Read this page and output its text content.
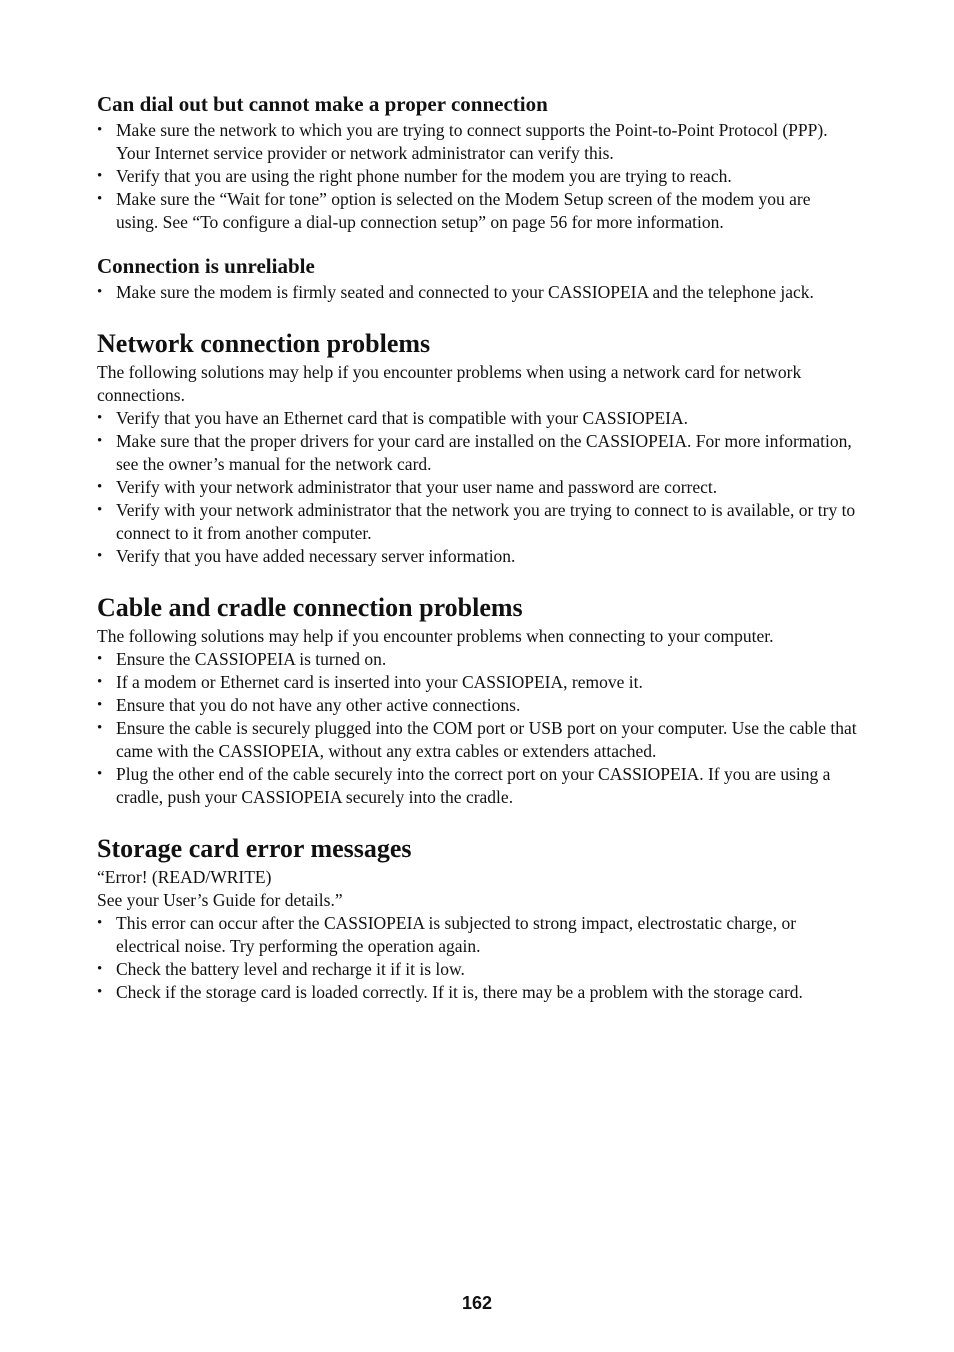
Can dial out but cannot make a proper connection
• Make sure the network to which you are trying to connect supports the Point-to-Point Protocol (PPP). Your Internet service provider or network administrator can verify this.
• Verify that you are using the right phone number for the modem you are trying to reach.
• Make sure the “Wait for tone” option is selected on the Modem Setup screen of the modem you are using. See “To configure a dial-up connection setup” on page 56 for more information.
Connection is unreliable
• Make sure the modem is firmly seated and connected to your CASSIOPEIA and the telephone jack.
Network connection problems

The following solutions may help if you encounter problems when using a network card for network connections.

• Verify that you have an Ethernet card that is compatible with your CASSIOPEIA.
• Make sure that the proper drivers for your card are installed on the CASSIOPEIA. For more information, see the owner’s manual for the network card.
• Verify with your network administrator that your user name and password are correct.
• Verify with your network administrator that the network you are trying to connect to is available, or try to connect to it from another computer.
• Verify that you have added necessary server information.
Cable and cradle connection problems

The following solutions may help if you encounter problems when connecting to your computer.

• Ensure the CASSIOPEIA is turned on.
• If a modem or Ethernet card is inserted into your CASSIOPEIA, remove it.
• Ensure that you do not have any other active connections.
• Ensure the cable is securely plugged into the COM port or USB port on your computer. Use the cable that came with the CASSIOPEIA, without any extra cables or extenders attached.
• Plug the other end of the cable securely into the correct port on your CASSIOPEIA. If you are using a cradle, push your CASSIOPEIA securely into the cradle.
Storage card error messages

“Error! (READ/WRITE)

See your User’s Guide for details.”

• This error can occur after the CASSIOPEIA is subjected to strong impact, electrostatic charge, or electrical noise. Try performing the operation again.
• Check the battery level and recharge it if it is low.
• Check if the storage card is loaded correctly. If it is, there may be a problem with the storage card.
162
